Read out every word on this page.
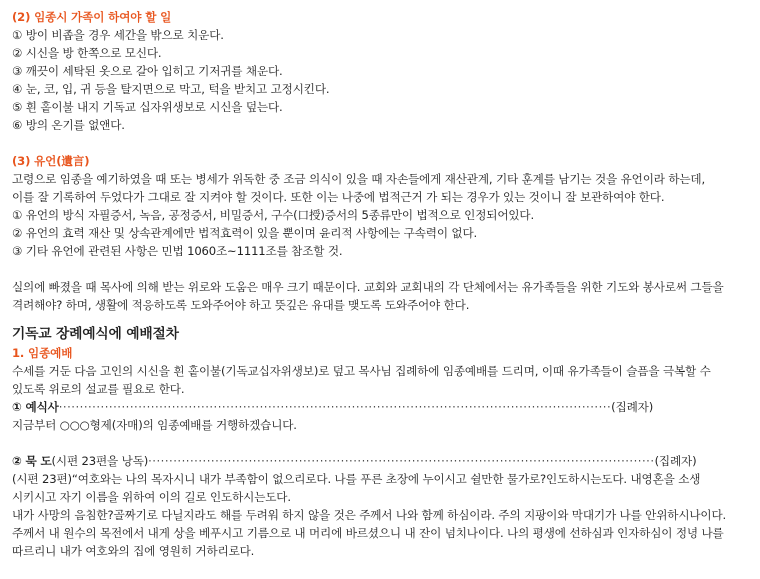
(2) 임종시 가족이 하여야 할 일
① 방이 비좁을 경우 세간을 밖으로 치운다.
② 시신을 방 한쪽으로 모신다.
③ 깨끗이 세탁된 옷으로 갈아 입히고 기저귀를 채운다.
④ 눈, 코, 입, 귀 등을 탈지면으로 막고, 턱을 받치고 고정시킨다.
⑤ 흰 홑이불 내지 기독교 십자위생보로 시신을 덮는다.
⑥ 방의 온기를 없앤다.
(3) 유언(遺言)
고령으로 임종을 예기하였을 때 또는 병세가 위독한 중 조금 의식이 있을 때 자손들에게 재산관계, 기타 훈계를 남기는 것을 유언이라 하는데,
이를 잘 기록하여 두었다가 그대로 잘 지켜야 할 것이다. 또한 이는 나중에 법적근거 가 되는 경우가 있는 것이니 잘 보관하여야 한다.
① 유언의 방식 자필증서, 녹음, 공정증서, 비밀증서, 구수(口授)증서의 5종류만이 법적으로 인정되어있다.
② 유언의 효력 재산 및 상속관계에만 법적효력이 있을 뿐이며 윤리적 사항에는 구속력이 없다.
③ 기타 유언에 관련된 사항은 민법 1060조~1111조를 참조할 것.
실의에 빠졌을 때 목사에 의해 받는 위로와 도움은 매우 크기 때문이다. 교회와 교회내의 각 단체에서는 유가족들을 위한 기도와 봉사로써 그들을
격려해야? 하며, 생활에 적응하도록 도와주어야 하고 뜻깊은 유대를 맺도록 도와주어야 한다.
기독교 장례예식에 예배절차
1. 임종예배
수세를 거둔 다음 고인의 시신을 흰 홑이불(기독교십자위생보)로 덮고 목사님 집례하에 임종예배를 드리며, 이때 유가족들이 슬픔을 극복할 수
있도록 위로의 설교를 필요로 한다.
① 예식사 ···································································································································· (집례자)
지금부터 ○○○형제(자매)의 임종예배를 거행하겠습니다.
② 묵 도 (시편 23편을 낭독) ························································································································· (집례자)
(시편 23편)“여호와는 나의 목자시니 내가 부족함이 없으리로다. 나를 푸른 초장에 누이시고 쉴만한 물가로?인도하시는도다. 내영혼을 소생
시키시고 자기 이름을 위하여 이의 길로 인도하시는도다.
내가 사망의 음침한?골짜기로 다닐지라도 해를 두려워 하지 않을 것은 주께서 나와 함께 하심이라. 주의 지팡이와 막대기가 나를 안위하시나이다.
주께서 내 원수의 목전에서 내게 상을 베푸시고 기름으로 내 머리에 바르셨으니 내 잔이 넘치나이다. 나의 평생에 선하심과 인자하심이 정녕 나를
따르리니 내가 여호와의 집에 영원히 거하리로다.
